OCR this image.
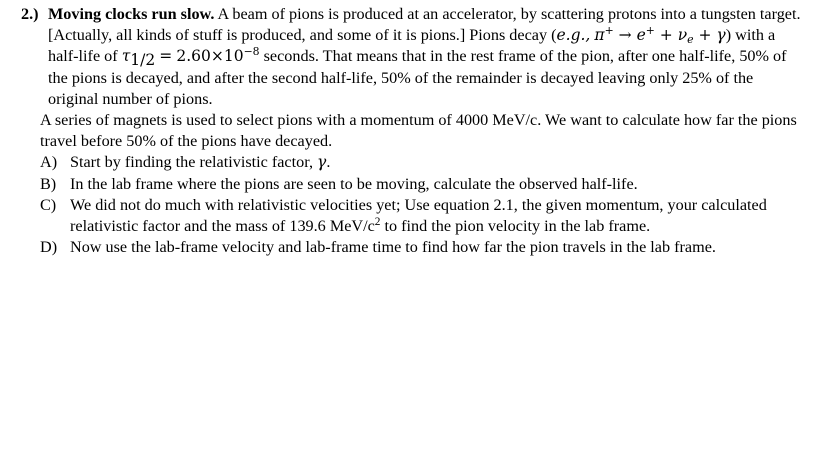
2.) Moving clocks run slow. A beam of pions is produced at an accelerator, by scattering protons into a tungsten target. [Actually, all kinds of stuff is produced, and some of it is pions.] Pions decay (e.g., $\pi^+ \to e^+ + \nu_e + \gamma$) with a half-life of $\tau_{1/2} = 2.60\times 10^{-8}$ seconds. That means that in the rest frame of the pion, after one half-life, 50% of the pions is decayed, and after the second half-life, 50% of the remainder is decayed leaving only 25% of the original number of pions.
A series of magnets is used to select pions with a momentum of 4000 MeV/c. We want to calculate how far the pions travel before 50% of the pions have decayed.
A) Start by finding the relativistic factor, γ.
B) In the lab frame where the pions are seen to be moving, calculate the observed half-life.
C) We did not do much with relativistic velocities yet; Use equation 2.1, the given momentum, your calculated relativistic factor and the mass of 139.6 MeV/$c^2$ to find the pion velocity in the lab frame.
D) Now use the lab-frame velocity and lab-frame time to find how far the pion travels in the lab frame.
